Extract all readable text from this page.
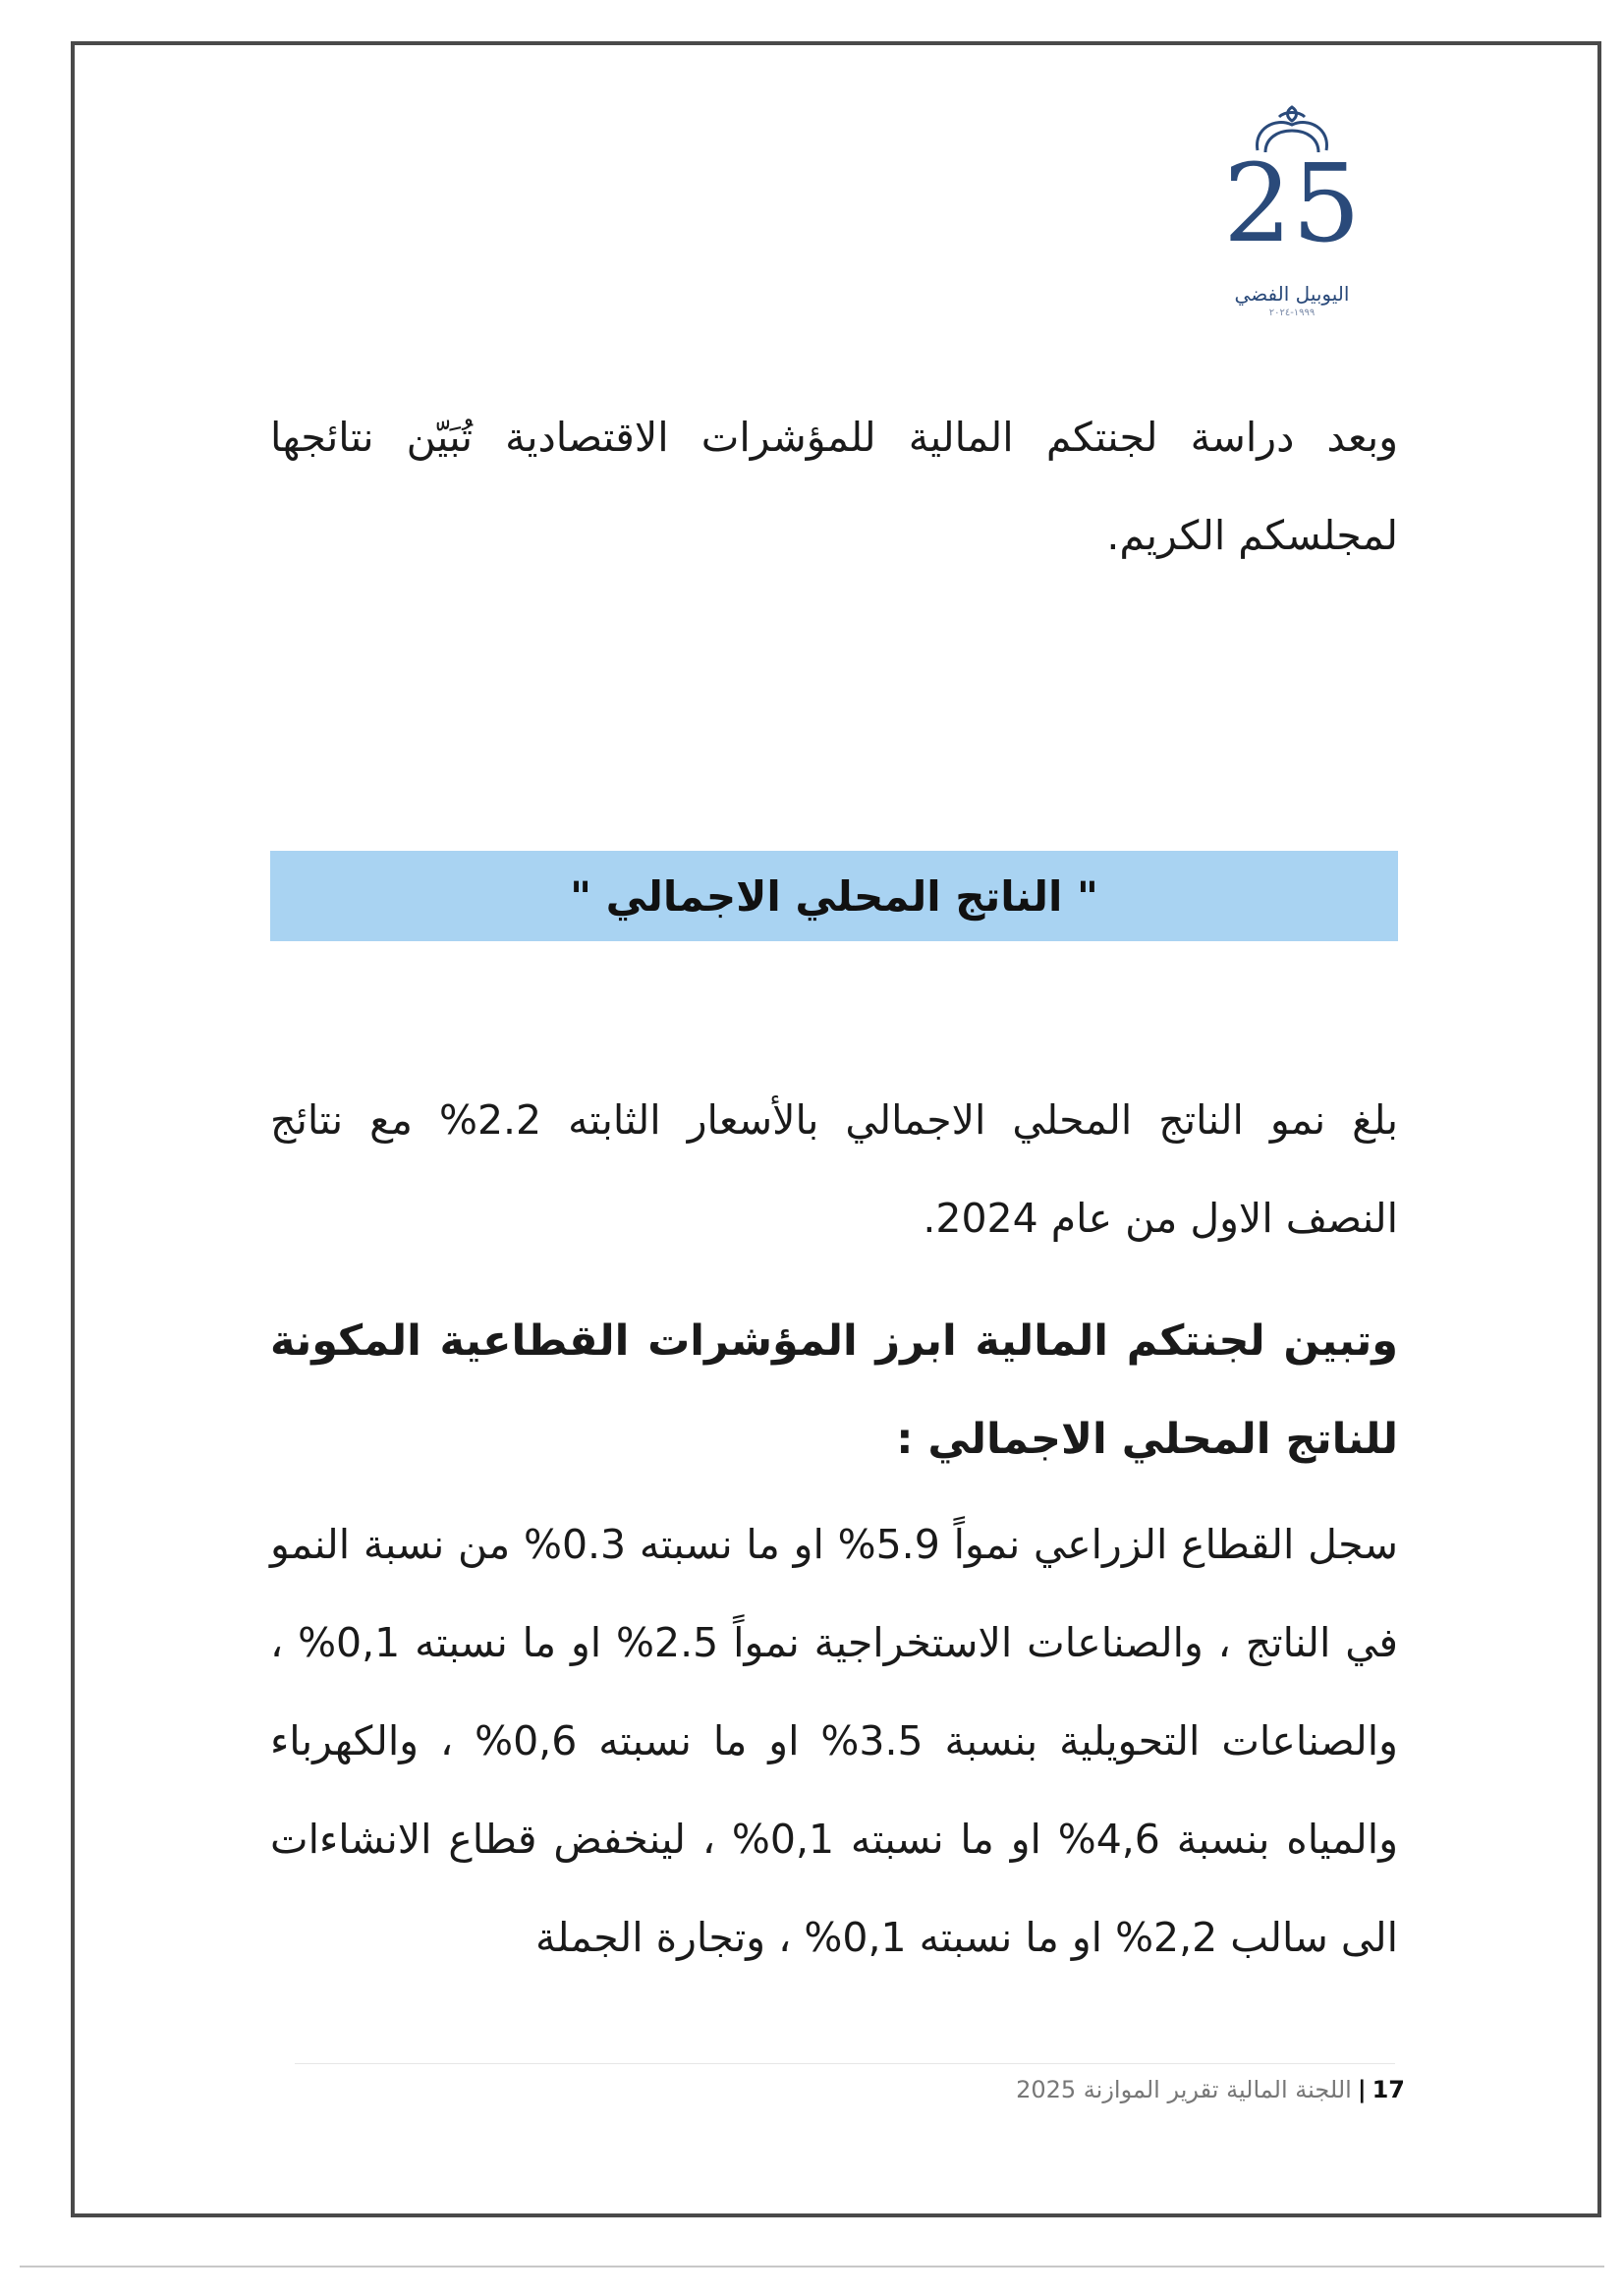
25
اليوبيل الفضي
١٩٩٩-٢٠٢٤

وبعد دراسة لجنتكم المالية للمؤشرات الاقتصادية تُبَيّن نتائجها لمجلسكم الكريم.

" الناتج المحلي الاجمالي "

بلغ نمو الناتج المحلي الاجمالي بالأسعار الثابته 2.2% مع نتائج النصف الاول من عام 2024.

وتبين لجنتكم المالية ابرز المؤشرات القطاعية المكونة للناتج المحلي الاجمالي :

سجل القطاع الزراعي نمواً 5.9% او ما نسبته 0.3% من نسبة النمو في الناتج ، والصناعات الاستخراجية نمواً 2.5% او ما نسبته 0,1% ، والصناعات التحويلية بنسبة 3.5% او ما نسبته 0,6% ، والكهرباء والمياه بنسبة 4,6% او ما نسبته 0,1% ، لينخفض قطاع الانشاءات الى سالب 2,2% او ما نسبته 0,1% ، وتجارة الجملة

17|اللجنة المالية تقرير الموازنة 2025
